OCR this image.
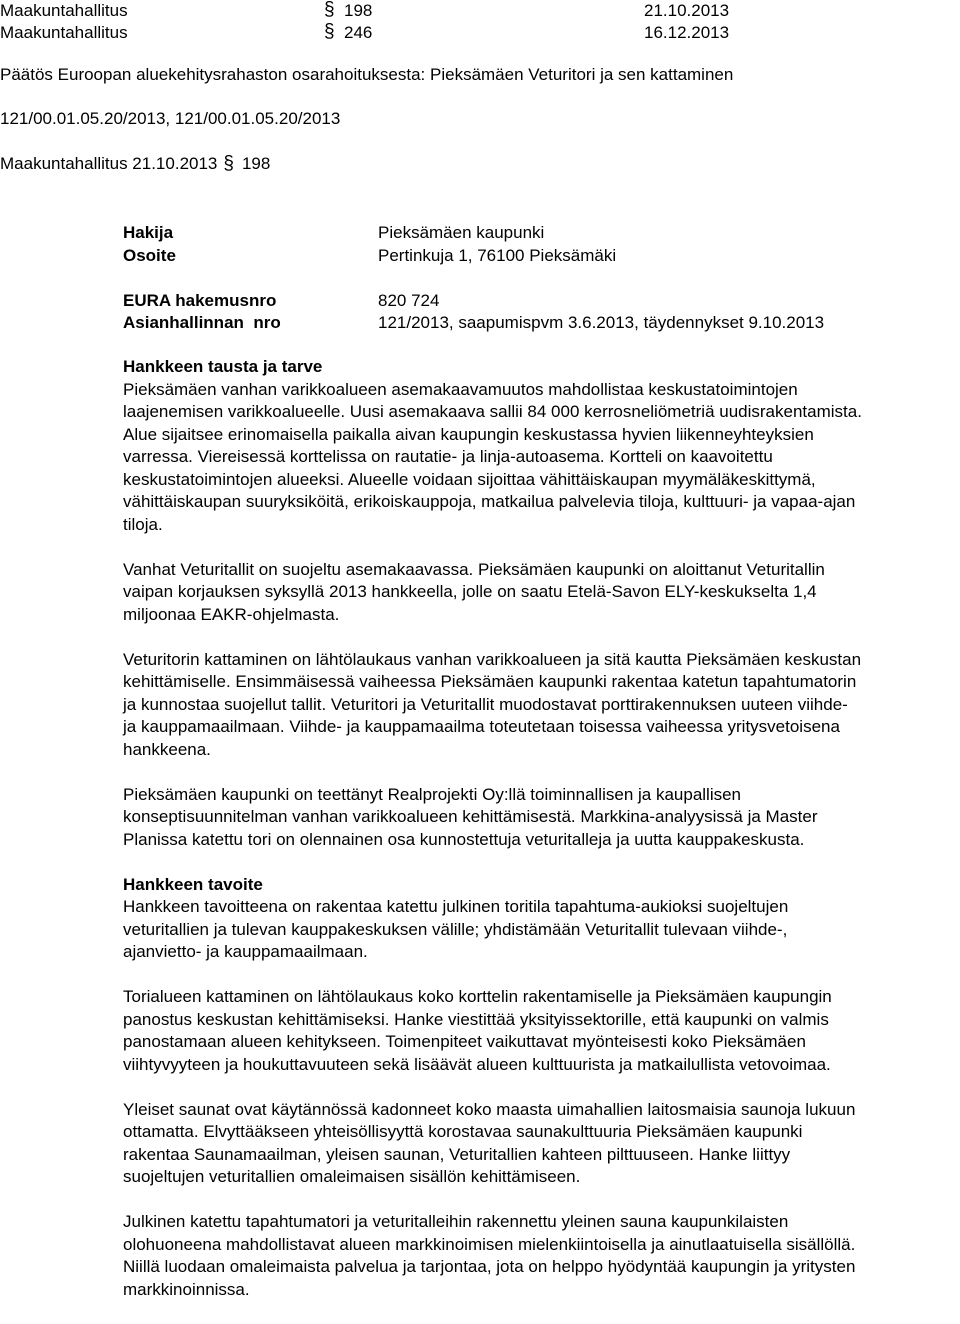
Maakuntahallitus	§ 198	21.10.2013
Maakuntahallitus	§ 246	16.12.2013
Päätös Euroopan aluekehitysrahaston osarahoituksesta: Pieksämäen Veturitori ja sen kattaminen
121/00.01.05.20/2013, 121/00.01.05.20/2013
Maakuntahallitus 21.10.2013 § 198
Hakija	Pieksämäen kaupunki
Osoite	Pertinkuja 1, 76100 Pieksämäki
EURA hakemusnro	820 724
Asianhallinnan  nro	121/2013, saapumispvm 3.6.2013, täydennykset 9.10.2013
Hankkeen tausta ja tarve

Pieksämäen vanhan varikkoalueen asemakaavamuutos mahdollistaa keskustatoimintojen
laajenemisen varikkoalueelle. Uusi asemakaava sallii 84 000 kerrosneliömetriä uudisrakentamista.
Alue sijaitsee erinomaisella paikalla aivan kaupungin keskustassa hyvien liikenneyhteyksien
varressa. Viereisessä korttelissa on rautatie- ja linja-autoasema. Kortteli on kaavoitettu
keskustatoimintojen alueeksi. Alueelle voidaan sijoittaa vähittäiskaupan myymäläkeskittymä,
vähittäiskaupan suuryksiköitä, erikoiskauppoja, matkailua palvelevia tiloja, kulttuuri- ja vapaa-ajan
tiloja.

Vanhat Veturitallit on suojeltu asemakaavassa. Pieksämäen kaupunki on aloittanut Veturitallin
vaipan korjauksen syksyllä 2013 hankkeella, jolle on saatu Etelä-Savon ELY-keskukselta 1,4
miljoonaa EAKR-ohjelmasta.

Veturitorin kattaminen on lähtölaukaus vanhan varikkoalueen ja sitä kautta Pieksämäen keskustan
kehittämiselle. Ensimmäisessä vaiheessa Pieksämäen kaupunki rakentaa katetun tapahtumatorin
ja kunnostaa suojellut tallit. Veturitori ja Veturitallit muodostavat porttirakennuksen uuteen viihde-
ja kauppamaailmaan. Viihde- ja kauppamaailma toteutetaan toisessa vaiheessa yritysvetoisena
hankkeena.

Pieksämäen kaupunki on teettänyt Realprojekti Oy:llä toiminnallisen ja kaupallisen
konseptisuunnitelman vanhan varikkoalueen kehittämisestä. Markkina-analyysissä ja Master
Planissa katettu tori on olennainen osa kunnostettuja veturitalleja ja uutta kauppakeskusta.

Hankkeen tavoite

Hankkeen tavoitteena on rakentaa katettu julkinen toritila tapahtuma-aukioksi suojeltujen
veturitallien ja tulevan kauppakeskuksen välille; yhdistämään Veturitallit tulevaan viihde-,
ajanvietto- ja kauppamaailmaan.

Torialueen kattaminen on lähtölaukaus koko korttelin rakentamiselle ja Pieksämäen kaupungin
panostus keskustan kehittämiseksi. Hanke viestittää yksityissektorille, että kaupunki on valmis
panostamaan alueen kehitykseen. Toimenpiteet vaikuttavat myönteisesti koko Pieksämäen
viihtyvyyteen ja houkuttavuuteen sekä lisäävät alueen kulttuurista ja matkailullista vetovoimaa.

Yleiset saunat ovat käytännössä kadonneet koko maasta uimahallien laitosmaisia saunoja lukuun
ottamatta. Elvyttääkseen yhteisöllisyyttä korostavaa saunakulttuuria Pieksämäen kaupunki
rakentaa Saunamaailman, yleisen saunan, Veturitallien kahteen pilttuuseen. Hanke liittyy
suojeltujen veturitallien omaleimaisen sisällön kehittämiseen.

Julkinen katettu tapahtumatori ja veturitalleihin rakennettu yleinen sauna kaupunkilaisten
olohuoneena mahdollistavat alueen markkinoimisen mielenkiintoisella ja ainutlaatuisella sisällöllä.
Niillä luodaan omaleimaista palvelua ja tarjontaa, jota on helppo hyödyntää kaupungin ja yritysten
markkinoinnissa.
